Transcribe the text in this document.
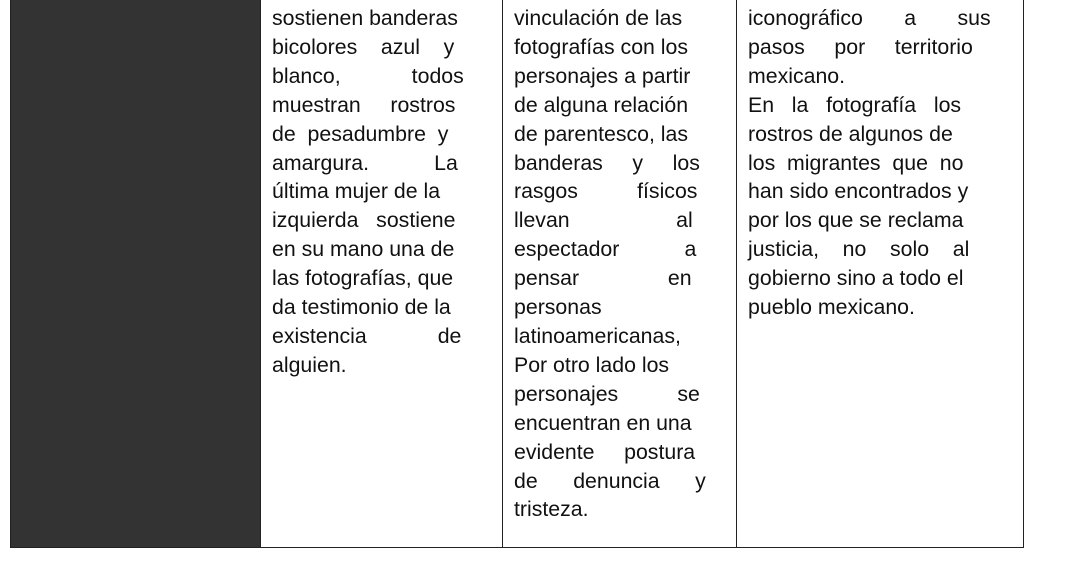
sostienen banderas
bicolores    azul    y
blanco,            todos
muestran     rostros
de  pesadumbre  y
amargura.           La
última mujer de la
izquierda   sostiene
en su mano una de
las fotografías, que
da testimonio de la
existencia            de
alguien.
vinculación de las
fotografías con los
personajes a partir
de alguna relación
de parentesco, las
banderas     y     los
rasgos          físicos
llevan                  al
espectador           a
pensar               en
personas
latinoamericanas,
Por otro lado los
personajes          se
encuentran en una
evidente     postura
de      denuncia      y
tristeza.
iconográfico       a       sus
pasos     por     territorio
mexicano.
En   la   fotografía   los
rostros de algunos de
los  migrantes  que  no
han sido encontrados y
por los que se reclama
justicia,    no    solo    al
gobierno sino a todo el
pueblo mexicano.
